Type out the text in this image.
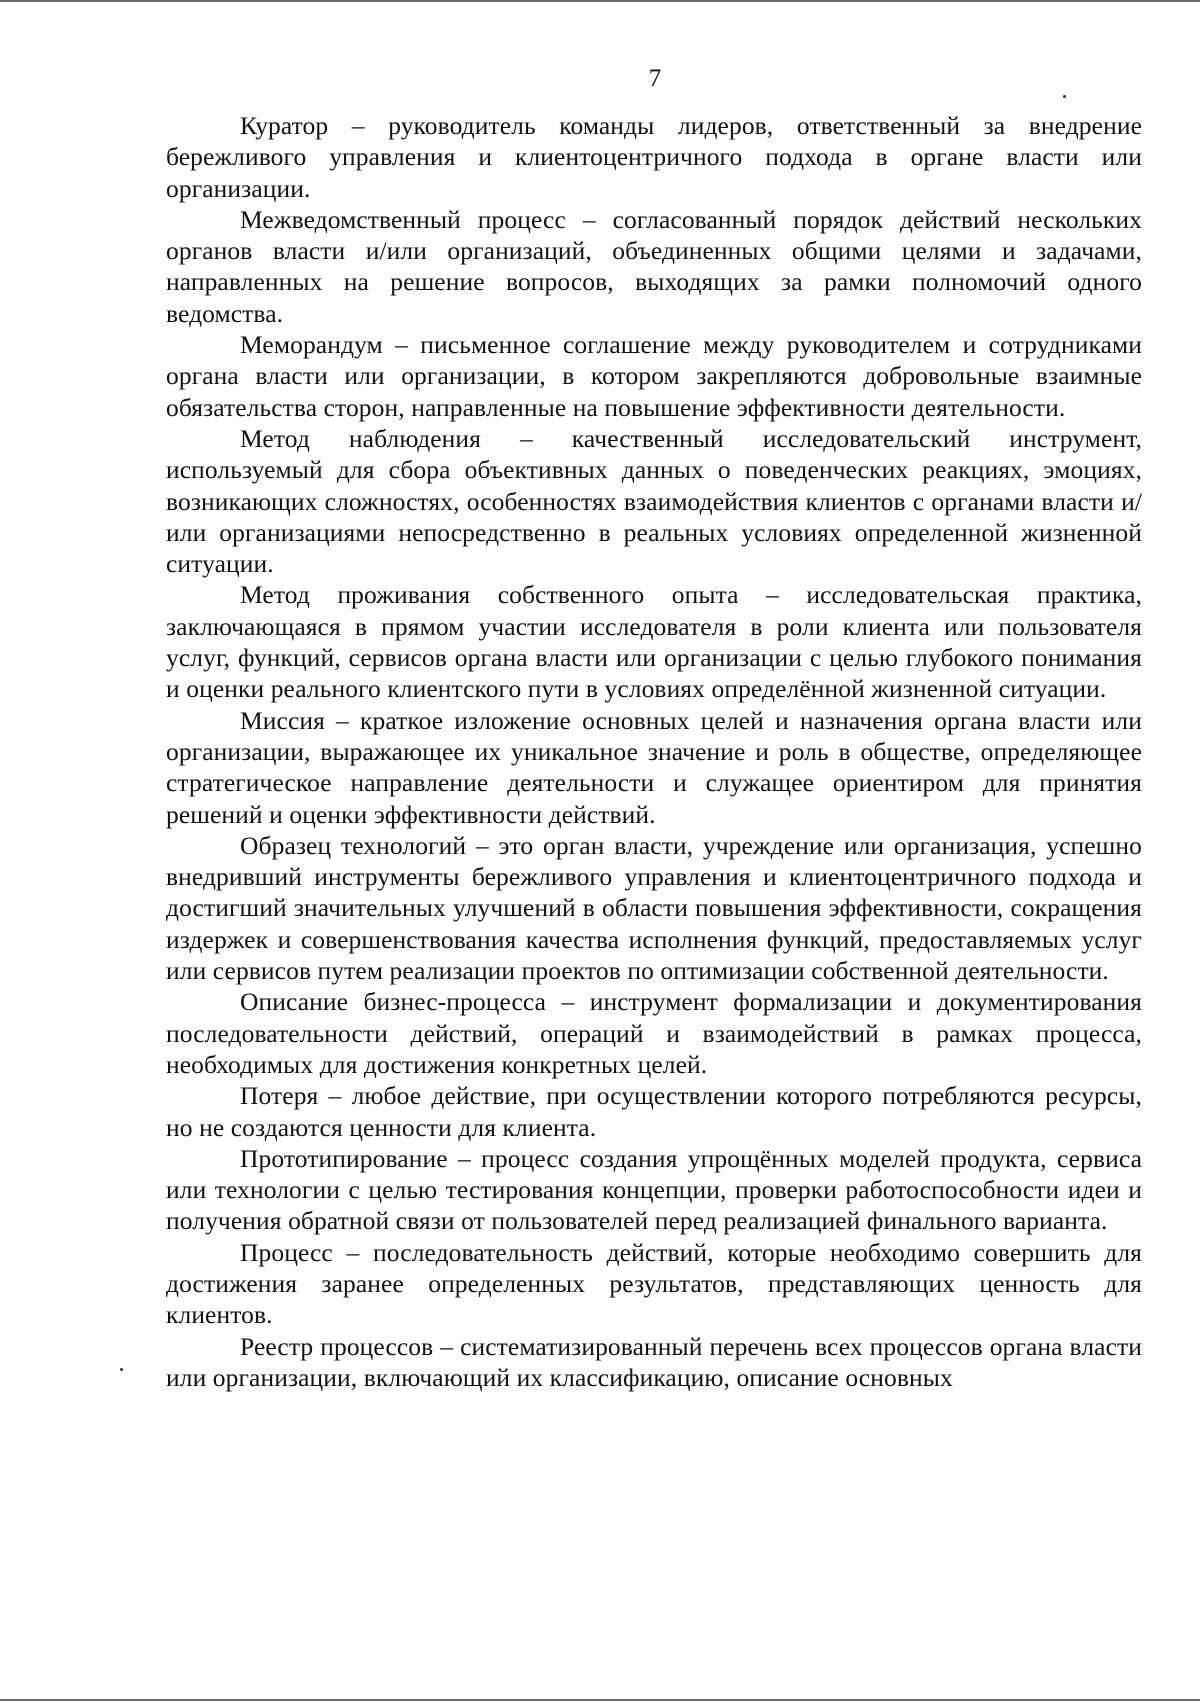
7

Куратор – руководитель команды лидеров, ответственный за внедрение бережливого управления и клиентоцентричного подхода в органе власти или организации.

Межведомственный процесс – согласованный порядок действий нескольких органов власти и/или организаций, объединенных общими целями и задачами, направленных на решение вопросов, выходящих за рамки полномочий одного ведомства.

Меморандум – письменное соглашение между руководителем и сотрудниками органа власти или организации, в котором закрепляются добровольные взаимные обязательства сторон, направленные на повышение эффективности деятельности.

Метод наблюдения – качественный исследовательский инструмент, используемый для сбора объективных данных о поведенческих реакциях, эмоциях, возникающих сложностях, особенностях взаимодействия клиентов с органами власти и/или организациями непосредственно в реальных условиях определенной жизненной ситуации.

Метод проживания собственного опыта – исследовательская практика, заключающаяся в прямом участии исследователя в роли клиента или пользователя услуг, функций, сервисов органа власти или организации с целью глубокого понимания и оценки реального клиентского пути в условиях определённой жизненной ситуации.

Миссия – краткое изложение основных целей и назначения органа власти или организации, выражающее их уникальное значение и роль в обществе, определяющее стратегическое направление деятельности и служащее ориентиром для принятия решений и оценки эффективности действий.

Образец технологий – это орган власти, учреждение или организация, успешно внедривший инструменты бережливого управления и клиентоцентричного подхода и достигший значительных улучшений в области повышения эффективности, сокращения издержек и совершенствования качества исполнения функций, предоставляемых услуг или сервисов путем реализации проектов по оптимизации собственной деятельности.

Описание бизнес-процесса – инструмент формализации и документирования последовательности действий, операций и взаимодействий в рамках процесса, необходимых для достижения конкретных целей.

Потеря – любое действие, при осуществлении которого потребляются ресурсы, но не создаются ценности для клиента.

Прототипирование – процесс создания упрощённых моделей продукта, сервиса или технологии с целью тестирования концепции, проверки работоспособности идеи и получения обратной связи от пользователей перед реализацией финального варианта.

Процесс – последовательность действий, которые необходимо совершить для достижения заранее определенных результатов, представляющих ценность для клиентов.

Реестр процессов – систематизированный перечень всех процессов органа власти или организации, включающий их классификацию, описание основных
